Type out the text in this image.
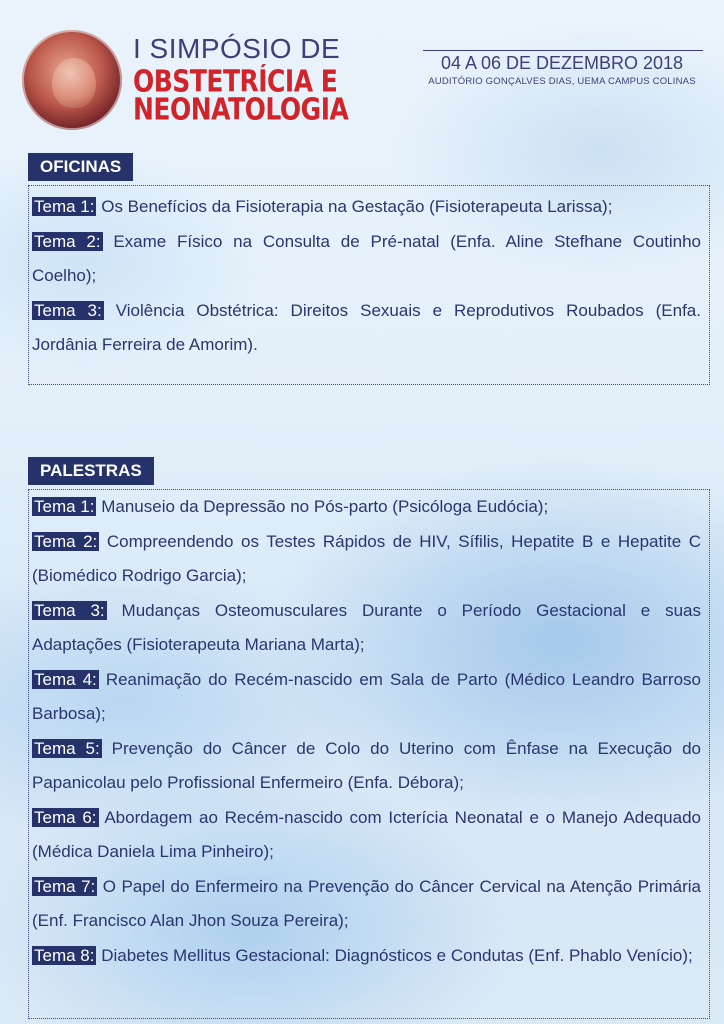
I SIMPÓSIO DE
OBSTETRÍCIA E
NEONATOLOGIA
04 A 06 DE DEZEMBRO 2018
AUDITÓRIO GONÇALVES DIAS, UEMA CAMPUS COLINAS
OFICINAS

Tema 1: Os Benefícios da Fisioterapia na Gestação (Fisioterapeuta Larissa);

Tema 2: Exame Físico na Consulta de Pré-natal (Enfa. Aline Stefhane Coutinho Coelho);

Tema 3: Violência Obstétrica: Direitos Sexuais e Reprodutivos Roubados (Enfa. Jordânia Ferreira de Amorim).

PALESTRAS

Tema 1: Manuseio da Depressão no Pós-parto (Psicóloga Eudócia);

Tema 2: Compreendendo os Testes Rápidos de HIV, Sífilis, Hepatite B e Hepatite C (Biomédico Rodrigo Garcia);

Tema 3: Mudanças Osteomusculares Durante o Período Gestacional e suas Adaptações (Fisioterapeuta Mariana Marta);

Tema 4: Reanimação do Recém-nascido em Sala de Parto (Médico Leandro Barroso Barbosa);

Tema 5: Prevenção do Câncer de Colo do Uterino com Ênfase na Execução do Papanicolau pelo Profissional Enfermeiro (Enfa. Débora);

Tema 6: Abordagem ao Recém-nascido com Icterícia Neonatal e o Manejo Adequado (Médica Daniela Lima Pinheiro);

Tema 7: O Papel do Enfermeiro na Prevenção do Câncer Cervical na Atenção Primária (Enf. Francisco Alan Jhon Souza Pereira);

Tema 8: Diabetes Mellitus Gestacional: Diagnósticos e Condutas (Enf. Phablo Venício);
